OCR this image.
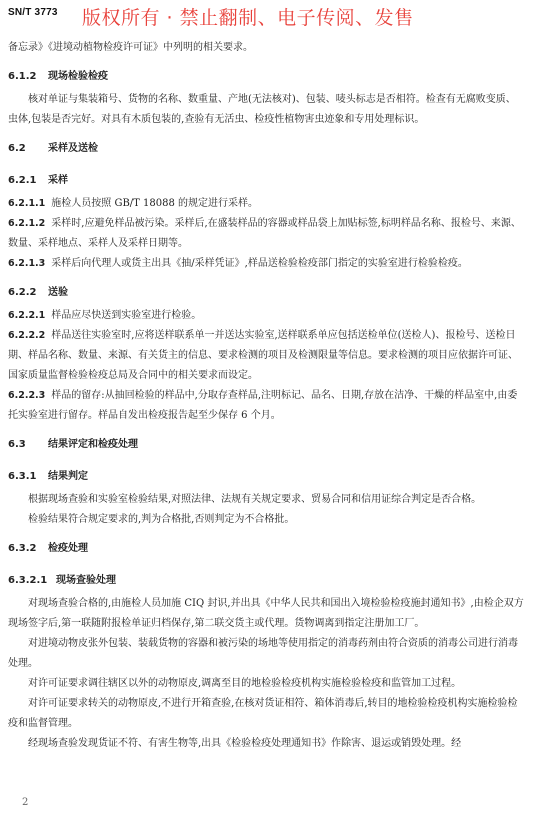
SN/T 3773 版权所有 · 禁止翻制、电子传阅、发售

备忘录》《进境动植物检疫许可证》中列明的相关要求。

6.1.2 现场检验检疫

核对单证与集装箱号、货物的名称、数重量、产地(无法核对)、包装、唛头标志是否相符。检查有无腐败变质、虫体,包装是否完好。对具有木质包装的,查验有无活虫、检疫性植物害虫迹象和专用处理标识。

6.2 采样及送检
6.2.1 采样

6.2.1.1 施检人员按照 GB/T 18088 的规定进行采样。

6.2.1.2 采样时,应避免样品被污染。采样后,在盛装样品的容器或样品袋上加贴标签,标明样品名称、报检号、来源、数量、采样地点、采样人及采样日期等。

6.2.1.3 采样后向代理人或货主出具《抽/采样凭证》,样品送检验检疫部门指定的实验室进行检验检疫。

6.2.2 送验

6.2.2.1 样品应尽快送到实验室进行检验。

6.2.2.2 样品送往实验室时,应将送样联系单一并送达实验室,送样联系单应包括送检单位(送检人)、报检号、送检日期、样品名称、数量、来源、有关货主的信息、要求检测的项目及检测限量等信息。要求检测的项目应依据许可证、国家质量监督检验检疫总局及合同中的相关要求而设定。

6.2.2.3 样品的留存:从抽回检验的样品中,分取存查样品,注明标记、品名、日期,存放在洁净、干燥的样品室中,由委托实验室进行留存。样品自发出检疫报告起至少保存 6 个月。

6.3 结果评定和检疫处理
6.3.1 结果判定

根据现场查验和实验室检验结果,对照法律、法规有关规定要求、贸易合同和信用证综合判定是否合格。

检验结果符合规定要求的,判为合格批,否则判定为不合格批。

6.3.2 检疫处理
6.3.2.1 现场查验处理

对现场查验合格的,由施检人员加施 CIQ 封识,并出具《中华人民共和国出入境检验检疫施封通知书》,由检企双方现场签字后,第一联随附报检单证归档保存,第二联交货主或代理。货物调离到指定注册加工厂。

对进境动物皮张外包装、装载货物的容器和被污染的场地等使用指定的消毒药剂由符合资质的消毒公司进行消毒处理。

对许可证要求调往辖区以外的动物原皮,调离至目的地检验检疫机构实施检验检疫和监管加工过程。

对许可证要求转关的动物原皮,不进行开箱查验,在核对货证相符、箱体消毒后,转目的地检验检疫机构实施检验检疫和监督管理。

经现场查验发现货证不符、有害生物等,出具《检验检疫处理通知书》作除害、退运或销毁处理。经

2
